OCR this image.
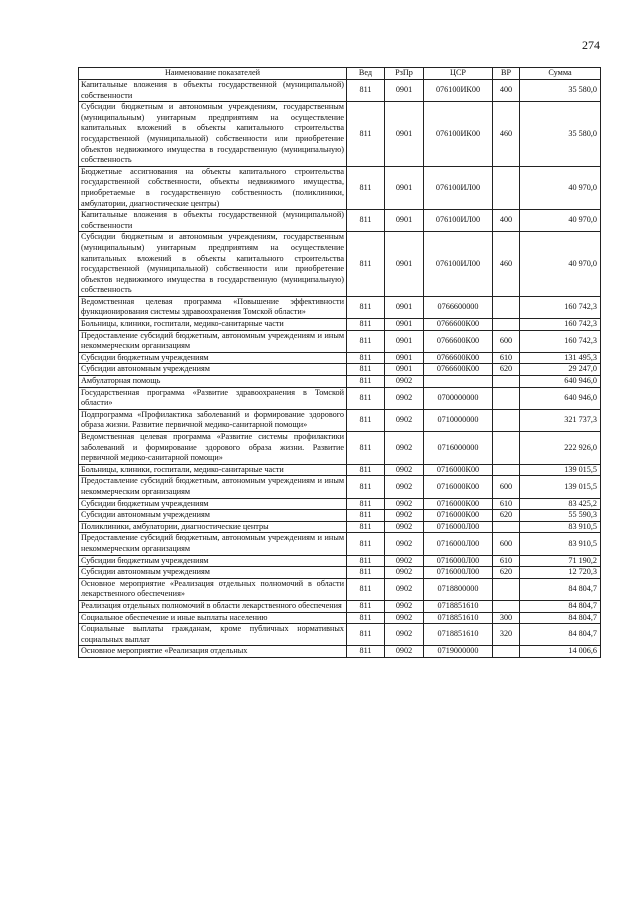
274
Наименование показателей	Вед	РзПр	ЦСР	ВР	Сумма
Капитальные вложения в объекты государственной (муниципальной) собственности	811	0901	076100ИК00	400	35 580,0
Субсидии бюджетным и автономным учреждениям, государственным (муниципальным) унитарным предприятиям на осуществление капитальных вложений в объекты капитального строительства государственной (муниципальной) собственности или приобретение объектов недвижимого имущества в государственную (муниципальную) собственность	811	0901	076100ИК00	460	35 580,0
Бюджетные ассигнования на объекты капитального строительства государственной собственности, объекты недвижимого имущества, приобретаемые в государственную собственность (поликлиники, амбулатории, диагностические центры)	811	0901	076100ИЛ00		40 970,0
Капитальные вложения в объекты государственной (муниципальной) собственности	811	0901	076100ИЛ00	400	40 970,0
Субсидии бюджетным и автономным учреждениям, государственным (муниципальным) унитарным предприятиям на осуществление капитальных вложений в объекты капитального строительства государственной (муниципальной) собственности или приобретение объектов недвижимого имущества в государственную (муниципальную) собственность	811	0901	076100ИЛ00	460	40 970,0
Ведомственная целевая программа «Повышение эффективности функционирования системы здравоохранения Томской области»	811	0901	0766600000		160 742,3
Больницы, клиники, госпитали, медико-санитарные части	811	0901	0766600К00		160 742,3
Предоставление субсидий бюджетным, автономным учреждениям и иным некоммерческим организациям	811	0901	0766600К00	600	160 742,3
Субсидии бюджетным учреждениям	811	0901	0766600К00	610	131 495,3
Субсидии автономным учреждениям	811	0901	0766600К00	620	29 247,0
Амбулаторная помощь	811	0902			640 946,0
Государственная программа «Развитие здравоохранения в Томской области»	811	0902	0700000000		640 946,0
Подпрограмма «Профилактика заболеваний и формирование здорового образа жизни. Развитие первичной медико-санитарной помощи»	811	0902	0710000000		321 737,3
Ведомственная целевая программа «Развитие системы профилактики заболеваний и формирование здорового образа жизни. Развитие первичной медико-санитарной помощи»	811	0902	0716000000		222 926,0
Больницы, клиники, госпитали, медико-санитарные части	811	0902	0716000К00		139 015,5
Предоставление субсидий бюджетным, автономным учреждениям и иным некоммерческим организациям	811	0902	0716000К00	600	139 015,5
Субсидии бюджетным учреждениям	811	0902	0716000К00	610	83 425,2
Субсидии автономным учреждениям	811	0902	0716000К00	620	55 590,3
Поликлиники, амбулатории, диагностические центры	811	0902	0716000Л00		83 910,5
Предоставление субсидий бюджетным, автономным учреждениям и иным некоммерческим организациям	811	0902	0716000Л00	600	83 910,5
Субсидии бюджетным учреждениям	811	0902	0716000Л00	610	71 190,2
Субсидии автономным учреждениям	811	0902	0716000Л00	620	12 720,3
Основное мероприятие «Реализация отдельных полномочий в области лекарственного обеспечения»	811	0902	0718800000		84 804,7
Реализация отдельных полномочий в области лекарственного обеспечения	811	0902	0718851610		84 804,7
Социальное обеспечение и иные выплаты населению	811	0902	0718851610	300	84 804,7
Социальные выплаты гражданам, кроме публичных нормативных социальных выплат	811	0902	0718851610	320	84 804,7
Основное мероприятие «Реализация отдельных	811	0902	0719000000		14 006,6
